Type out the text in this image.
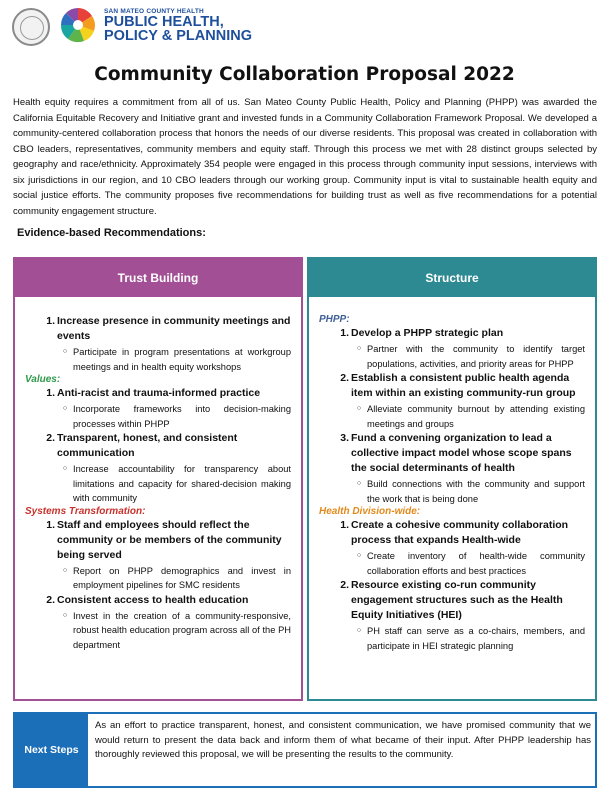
SAN MATEO COUNTY HEALTH
PUBLIC HEALTH,
POLICY & PLANNING
Community Collaboration Proposal 2022
Health equity requires a commitment from all of us. San Mateo County Public Health, Policy and Planning (PHPP) was awarded the California Equitable Recovery and Initiative grant and invested funds in a Community Collaboration Framework Proposal. We developed a community-centered collaboration process that honors the needs of our diverse residents. This proposal was created in collaboration with CBO leaders, representatives, community members and equity staff. Through this process we met with 28 distinct groups selected by geography and race/ethnicity. Approximately 354 people were engaged in this process through community input sessions, interviews with six jurisdictions in our region, and 10 CBO leaders through our working group. Community input is vital to sustainable health equity and social justice efforts. The community proposes five recommendations for building trust as well as five recommendations for a potential community engagement structure.
Evidence-based Recommendations:
Trust Building
1. Increase presence in community meetings and events
○ Participate in program presentations at workgroup meetings and in health equity workshops
Values:
1. Anti-racist and trauma-informed practice
○ Incorporate frameworks into decision-making processes within PHPP
2. Transparent, honest, and consistent communication
○ Increase accountability for transparency about limitations and capacity for shared-decision making with community
Systems Transformation:
1. Staff and employees should reflect the community or be members of the community being served
○ Report on PHPP demographics and invest in employment pipelines for SMC residents
2. Consistent access to health education
○ Invest in the creation of a community-responsive, robust health education program across all of the PH department
Structure
PHPP:
1. Develop a PHPP strategic plan
○ Partner with the community to identify target populations, activities, and priority areas for PHPP
2. Establish a consistent public health agenda item within an existing community-run group
○ Alleviate community burnout by attending existing meetings and groups
3. Fund a convening organization to lead a collective impact model whose scope spans the social determinants of health
○ Build connections with the community and support the work that is being done
Health Division-wide:
1. Create a cohesive community collaboration process that expands Health-wide
○ Create inventory of health-wide community collaboration efforts and best practices
2. Resource existing co-run community engagement structures such as the Health Equity Initiatives (HEI)
○ PH staff can serve as a co-chairs, members, and participate in HEI strategic planning
Next Steps
As an effort to practice transparent, honest, and consistent communication, we have promised community that we would return to present the data back and inform them of what became of their input. After PHPP leadership has thoroughly reviewed this proposal, we will be presenting the results to the community.
